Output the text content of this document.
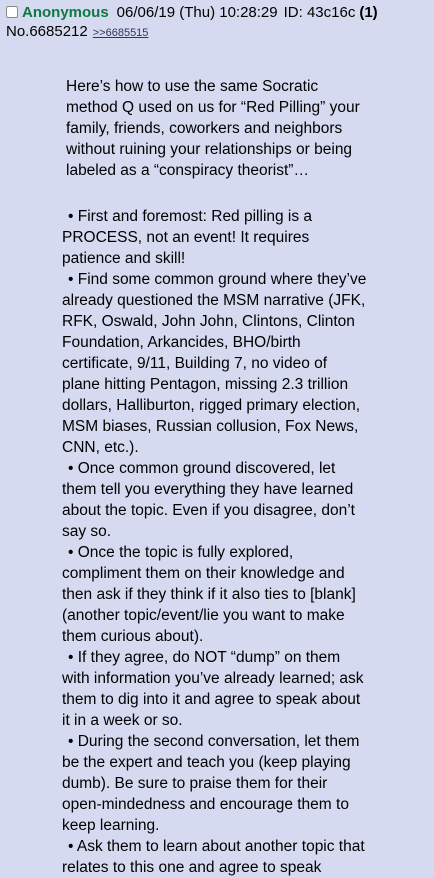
Anonymous 06/06/19 (Thu) 10:28:29 ID: 43c16c (1)
No.6685212 >>6685515

Here’s how to use the same Socratic method Q used on us for “Red Pilling” your family, friends, coworkers and neighbors without ruining your relationships or being labeled as a “conspiracy theorist”…

• First and foremost: Red pilling is a PROCESS, not an event! It requires patience and skill!

• Find some common ground where they’ve already questioned the MSM narrative (JFK, RFK, Oswald, John John, Clintons, Clinton Foundation, Arkancides, BHO/birth certificate, 9/11, Building 7, no video of plane hitting Pentagon, missing 2.3 trillion dollars, Halliburton, rigged primary election, MSM biases, Russian collusion, Fox News, CNN, etc.).

• Once common ground discovered, let them tell you everything they have learned about the topic. Even if you disagree, don’t say so.

• Once the topic is fully explored, compliment them on their knowledge and then ask if they think if it also ties to [blank] (another topic/event/lie you want to make them curious about).

• If they agree, do NOT “dump” on them with information you’ve already learned; ask them to dig into it and agree to speak about it in a week or so.

• During the second conversation, let them be the expert and teach you (keep playing dumb). Be sure to praise them for their open-mindedness and encourage them to keep learning.

• Ask them to learn about another topic that relates to this one and agree to speak
